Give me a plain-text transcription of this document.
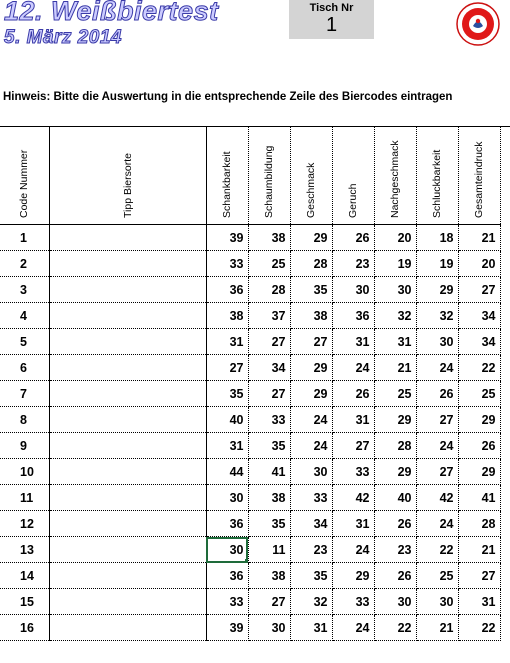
12. Weißbiertest
5. März 2014
Tisch Nr
1
Hinweis: Bitte die Auswertung in die entsprechende Zeile des Biercodes eintragen
Code Nummer	Tipp Biersorte	Schankbarkeit	Schaumbildung	Geschmack	Geruch	Nachgeschmack	Schluckbarkeit	Gesamteindruck

1		39	38	29	26	20	18	21
2		33	25	28	23	19	19	20
3		36	28	35	30	30	29	27
4		38	37	38	36	32	32	34
5		31	27	27	31	31	30	34
6		27	34	29	24	21	24	22
7		35	27	29	26	25	26	25
8		40	33	24	31	29	27	29
9		31	35	24	27	28	24	26
10		44	41	30	33	29	27	29
11		30	38	33	42	40	42	41
12		36	35	34	31	26	24	28
13		30	11	23	24	23	22	21
14		36	38	35	29	26	25	27
15		33	27	32	33	30	30	31
16		39	30	31	24	22	21	22
